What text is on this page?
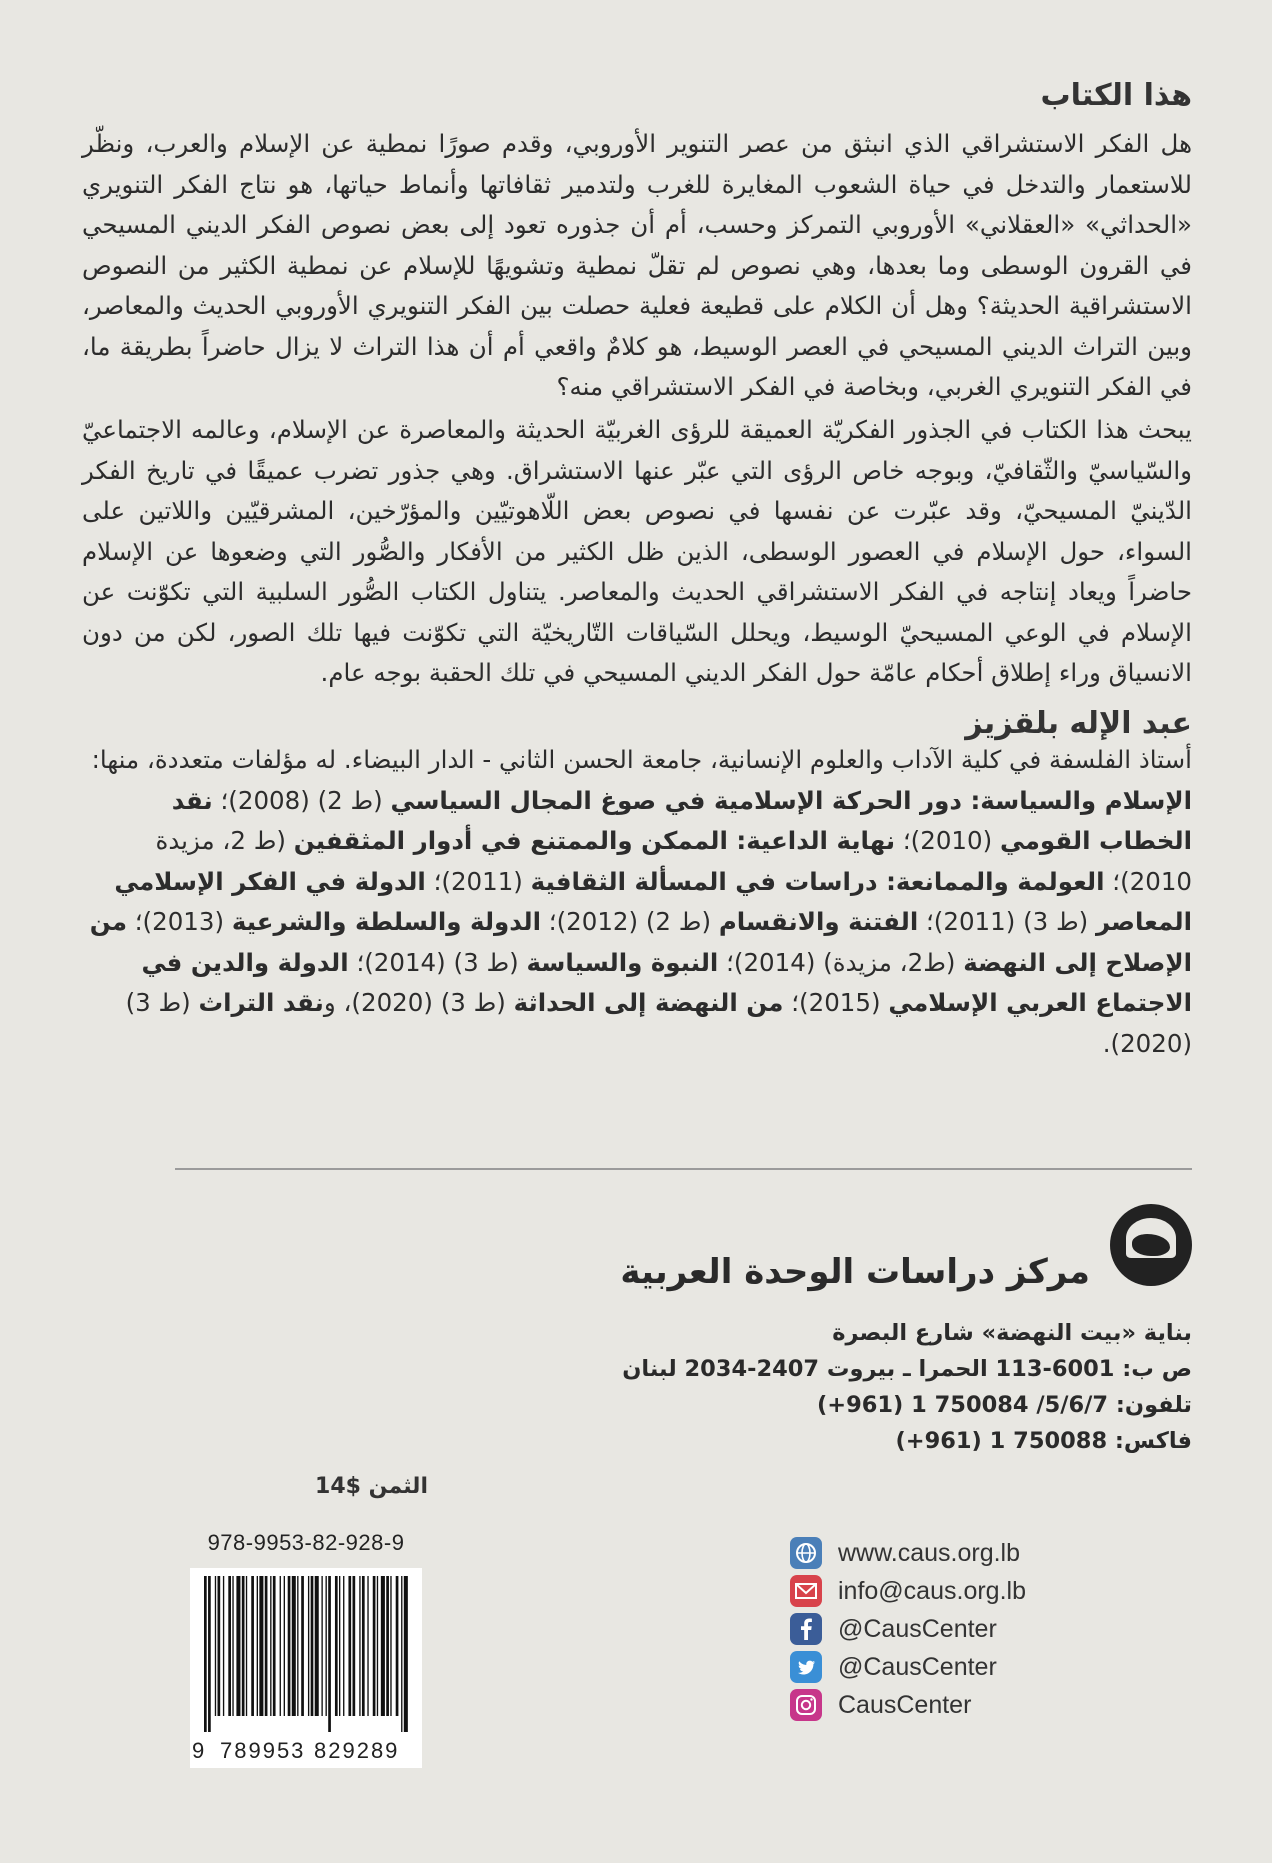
هذا الكتاب
هل الفكر الاستشراقي الذي انبثق من عصر التنوير الأوروبي، وقدم صورًا نمطية عن الإسلام والعرب، ونظّر للاستعمار والتدخل في حياة الشعوب المغايرة للغرب ولتدمير ثقافاتها وأنماط حياتها، هو نتاج الفكر التنويري «الحداثي» «العقلاني» الأوروبي التمركز وحسب، أم أن جذوره تعود إلى بعض نصوص الفكر الديني المسيحي في القرون الوسطى وما بعدها، وهي نصوص لم تقلّ نمطية وتشويهًا للإسلام عن نمطية الكثير من النصوص الاستشراقية الحديثة؟ وهل أن الكلام على قطيعة فعلية حصلت بين الفكر التنويري الأوروبي الحديث والمعاصر، وبين التراث الديني المسيحي في العصر الوسيط، هو كلامٌ واقعي أم أن هذا التراث لا يزال حاضراً بطريقة ما، في الفكر التنويري الغربي، وبخاصة في الفكر الاستشراقي منه؟
يبحث هذا الكتاب في الجذور الفكريّة العميقة للرؤى الغربيّة الحديثة والمعاصرة عن الإسلام، وعالمه الاجتماعيّ والسّياسيّ والثّقافيّ، وبوجه خاص الرؤى التي عبّر عنها الاستشراق. وهي جذور تضرب عميقًا في تاريخ الفكر الدّينيّ المسيحيّ، وقد عبّرت عن نفسها في نصوص بعض اللّاهوتيّين والمؤرّخين، المشرقيّين واللاتين على السواء، حول الإسلام في العصور الوسطى، الذين ظل الكثير من الأفكار والصُّور التي وضعوها عن الإسلام حاضراً ويعاد إنتاجه في الفكر الاستشراقي الحديث والمعاصر. يتناول الكتاب الصُّور السلبية التي تكوّنت عن الإسلام في الوعي المسيحيّ الوسيط، ويحلل السّياقات التّاريخيّة التي تكوّنت فيها تلك الصور، لكن من دون الانسياق وراء إطلاق أحكام عامّة حول الفكر الديني المسيحي في تلك الحقبة بوجه عام.
عبد الإله بلقزيز
أستاذ الفلسفة في كلية الآداب والعلوم الإنسانية، جامعة الحسن الثاني - الدار البيضاء. له مؤلفات متعددة، منها: الإسلام والسياسة: دور الحركة الإسلامية في صوغ المجال السياسي (ط 2) (2008)؛ نقد الخطاب القومي (2010)؛ نهاية الداعية: الممكن والممتنع في أدوار المثقفين (ط 2، مزيدة 2010)؛ العولمة والممانعة: دراسات في المسألة الثقافية (2011)؛ الدولة في الفكر الإسلامي المعاصر (ط 3) (2011)؛ الفتنة والانقسام (ط 2) (2012)؛ الدولة والسلطة والشرعية (2013)؛ من الإصلاح إلى النهضة (ط2، مزيدة) (2014)؛ النبوة والسياسة (ط 3) (2014)؛ الدولة والدين في الاجتماع العربي الإسلامي (2015)؛ من النهضة إلى الحداثة (ط 3) (2020)، ونقد التراث (ط 3) (2020).
مركز دراسات الوحدة العربية
بناية «بيت النهضة» شارع البصرة
ص ب: 6001-113 الحمرا ـ بيروت 2407-2034 لبنان
تلفون: (+961) 1 750084 /5/6/7
فاكس: (+961) 1 750088
الثمن $14
978-9953-82-928-9
9 789953 829289
www.caus.org.lb
info@caus.org.lb
@CausCenter
@CausCenter
CausCenter
